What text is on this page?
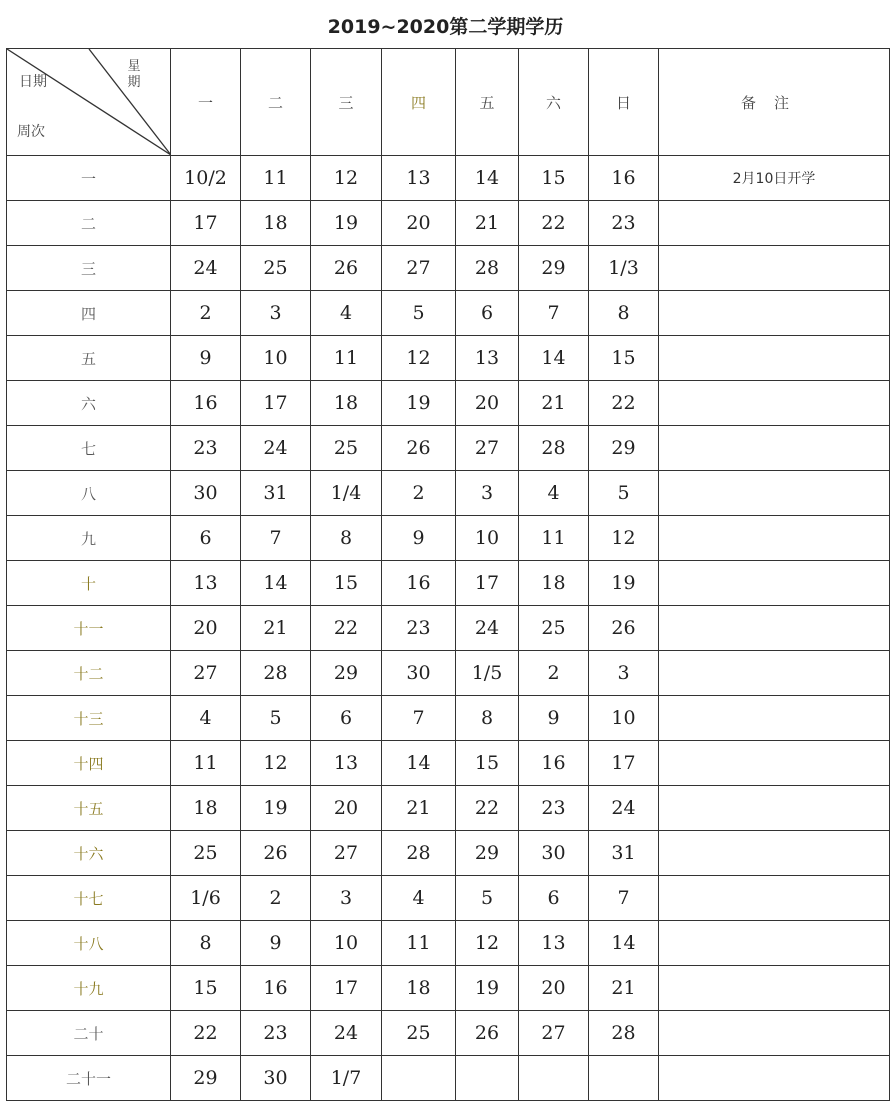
2019~2020第二学期学历
日期
星期
周次	一	二	三	四	五	六	日	备注
一	10/2	11	12	13	14	15	16	2月10日开学
二	17	18	19	20	21	22	23	
三	24	25	26	27	28	29	1/3	
四	2	3	4	5	6	7	8	
五	9	10	11	12	13	14	15	
六	16	17	18	19	20	21	22	
七	23	24	25	26	27	28	29	
八	30	31	1/4	2	3	4	5	
九	6	7	8	9	10	11	12	
十	13	14	15	16	17	18	19	
十一	20	21	22	23	24	25	26	
十二	27	28	29	30	1/5	2	3	
十三	4	5	6	7	8	9	10	
十四	11	12	13	14	15	16	17	
十五	18	19	20	21	22	23	24	
十六	25	26	27	28	29	30	31	
十七	1/6	2	3	4	5	6	7	
十八	8	9	10	11	12	13	14	
十九	15	16	17	18	19	20	21	
二十	22	23	24	25	26	27	28	
二十一	29	30	1/7					
